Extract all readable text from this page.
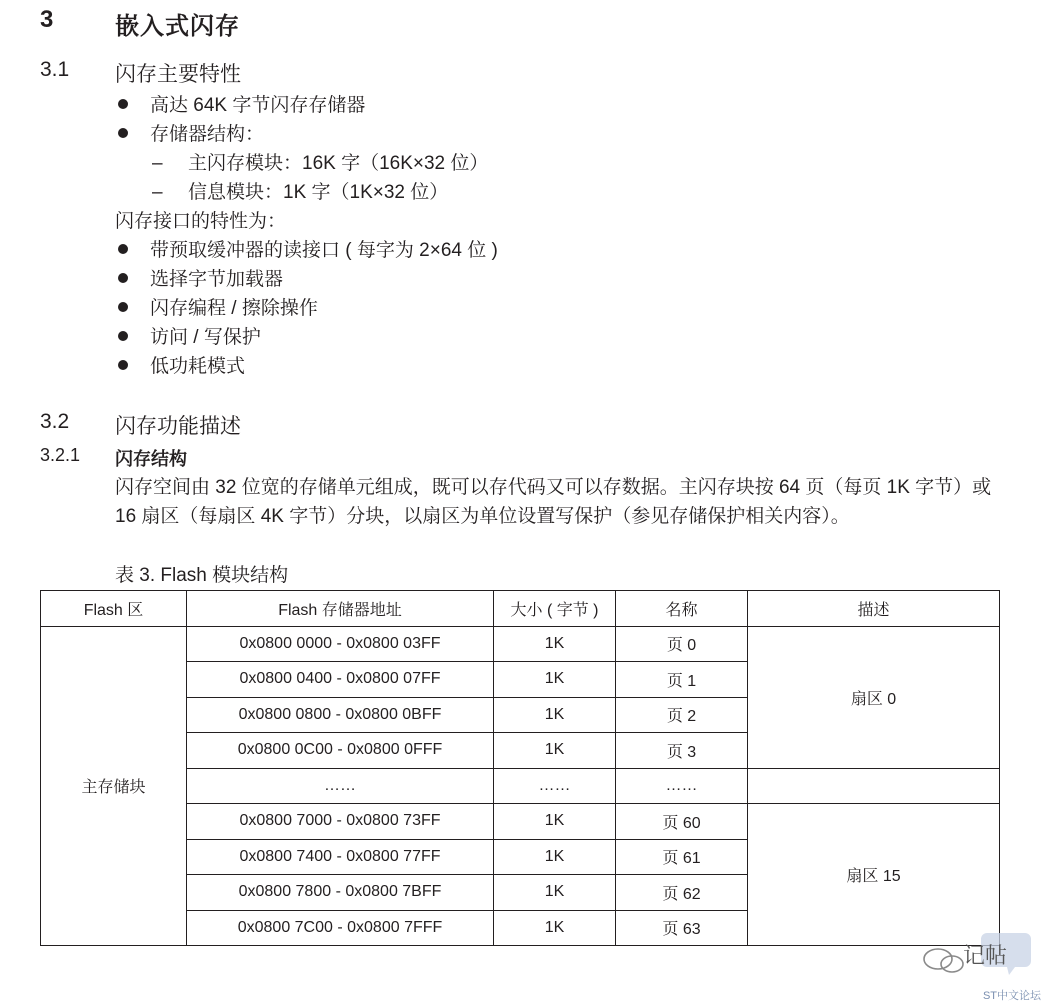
3	嵌入式闪存
3.1 闪存主要特性
高达 64K 字节闪存存储器
存储器结构：
– 主闪存模块：16K 字（16K×32 位）
– 信息模块：1K 字（1K×32 位）
闪存接口的特性为：
带预取缓冲器的读接口 ( 每字为 2×64 位 )
选择字节加载器
闪存编程 / 擦除操作
访问 / 写保护
低功耗模式
3.2 闪存功能描述
3.2.1 闪存结构
闪存空间由 32 位宽的存储单元组成，既可以存代码又可以存数据。主闪存块按 64 页（每页 1K 字节）或 16 扇区（每扇区 4K 字节）分块，以扇区为单位设置写保护（参见存储保护相关内容）。
表 3. Flash 模块结构
Flash 区	Flash 存储器地址	大小 ( 字节 )	名称	描述
主存储块	0x0800 0000 - 0x0800 03FF	1K	页 0	扇区 0
	0x0800 0400 - 0x0800 07FF	1K	页 1	
	0x0800 0800 - 0x0800 0BFF	1K	页 2	
	0x0800 0C00 - 0x0800 0FFF	1K	页 3	
	……	……	……	
	0x0800 7000 - 0x0800 73FF	1K	页 60	扇区 15
	0x0800 7400 - 0x0800 77FF	1K	页 61	
	0x0800 7800 - 0x0800 7BFF	1K	页 62	
	0x0800 7C00 - 0x0800 7FFF	1K	页 63	
记帖
ST中文论坛
